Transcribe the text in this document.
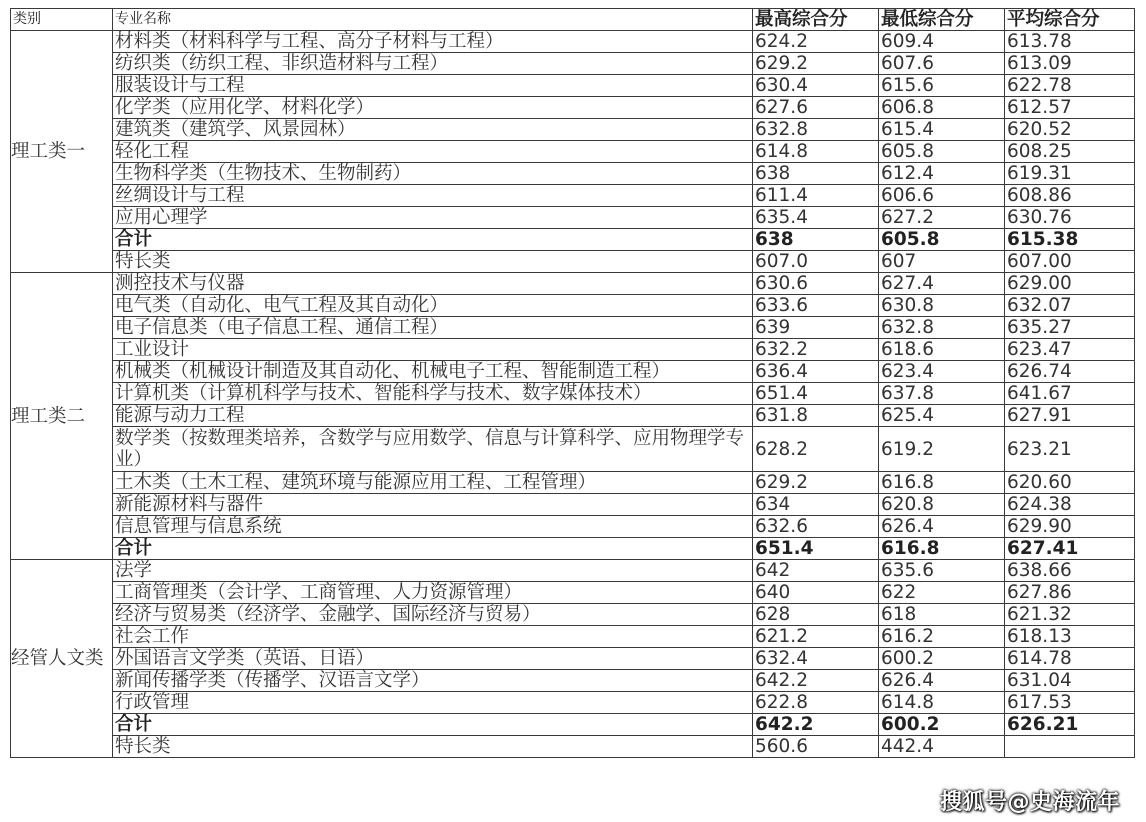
类别	专业名称	最高综合分	最低综合分	平均综合分
理工类一	材料类（材料科学与工程、高分子材料与工程）	624.2	609.4	613.78
	纺织类（纺织工程、非织造材料与工程）	629.2	607.6	613.09
	服装设计与工程	630.4	615.6	622.78
	化学类（应用化学、材料化学）	627.6	606.8	612.57
	建筑类（建筑学、风景园林）	632.8	615.4	620.52
	轻化工程	614.8	605.8	608.25
	生物科学类（生物技术、生物制药）	638	612.4	619.31
	丝绸设计与工程	611.4	606.6	608.86
	应用心理学	635.4	627.2	630.76
	合计	638	605.8	615.38
	特长类	607.0	607	607.00
理工类二	测控技术与仪器	630.6	627.4	629.00
	电气类（自动化、电气工程及其自动化）	633.6	630.8	632.07
	电子信息类（电子信息工程、通信工程）	639	632.8	635.27
	工业设计	632.2	618.6	623.47
	机械类（机械设计制造及其自动化、机械电子工程、智能制造工程）	636.4	623.4	626.74
	计算机类（计算机科学与技术、智能科学与技术、数字媒体技术）	651.4	637.8	641.67
	能源与动力工程	631.8	625.4	627.91
	数学类（按数理类培养，含数学与应用数学、信息与计算科学、应用物理学专业）	628.2	619.2	623.21
	土木类（土木工程、建筑环境与能源应用工程、工程管理）	629.2	616.8	620.60
	新能源材料与器件	634	620.8	624.38
	信息管理与信息系统	632.6	626.4	629.90
	合计	651.4	616.8	627.41
经管人文类	法学	642	635.6	638.66
	工商管理类（会计学、工商管理、人力资源管理）	640	622	627.86
	经济与贸易类（经济学、金融学、国际经济与贸易）	628	618	621.32
	社会工作	621.2	616.2	618.13
	外国语言文学类（英语、日语）	632.4	600.2	614.78
	新闻传播学类（传播学、汉语言文学）	642.2	626.4	631.04
	行政管理	622.8	614.8	617.53
	合计	642.2	600.2	626.21
	特长类	560.6	442.4	
搜狐号@史海流年
